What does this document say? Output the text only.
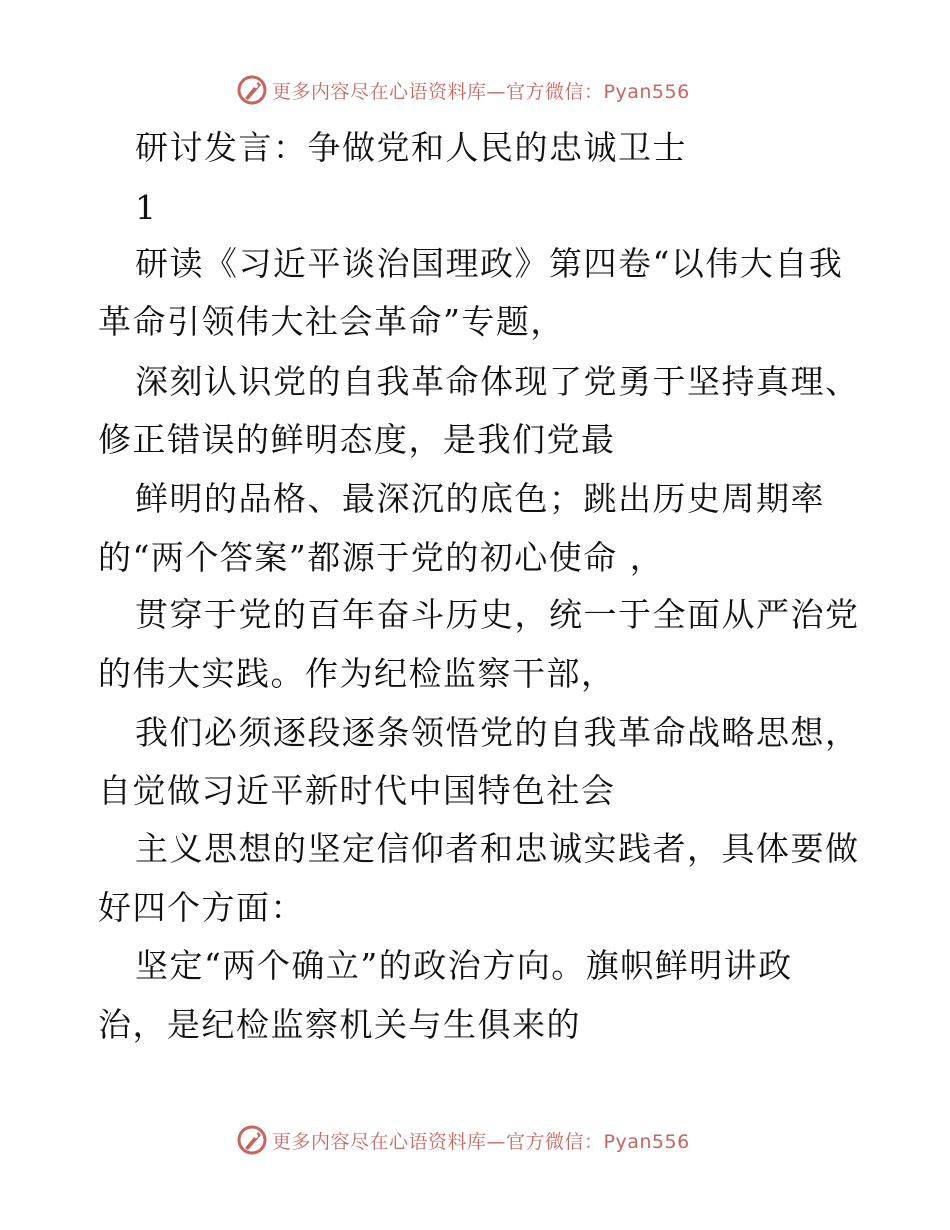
更多内容尽在心语资料库—官方微信：Pyan556
研讨发言：争做党和人民的忠诚卫士
1
研读《习近平谈治国理政》第四卷“以伟大自我
革命引领伟大社会革命”专题，
深刻认识党的自我革命体现了党勇于坚持真理、
修正错误的鲜明态度，是我们党最
鲜明的品格、最深沉的底色；跳出历史周期率
的“两个答案”都源于党的初心使命 ，
贯穿于党的百年奋斗历史，统一于全面从严治党
的伟大实践。作为纪检监察干部，
我们必须逐段逐条领悟党的自我革命战略思想，
自觉做习近平新时代中国特色社会
主义思想的坚定信仰者和忠诚实践者，具体要做
好四个方面：
坚定“两个确立”的政治方向。旗帜鲜明讲政
治，是纪检监察机关与生俱来的
更多内容尽在心语资料库—官方微信：Pyan556
